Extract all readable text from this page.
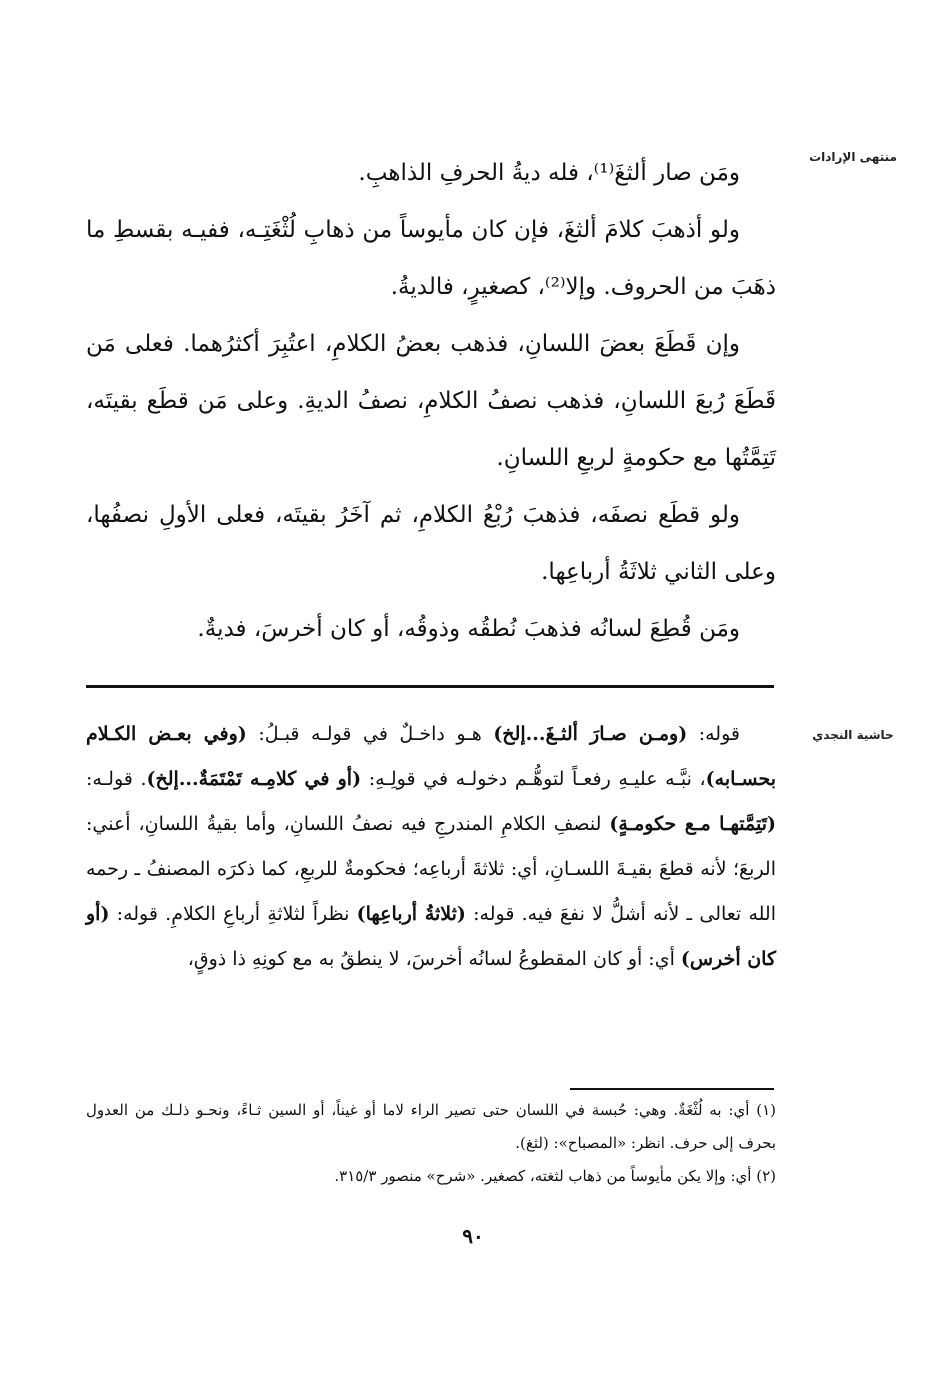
منتهى الإرادات
حاشية النجدي

ومَن صار ألثغَ⁽¹⁾، فله ديةُ الحرفِ الذاهبِ.

ولو أذهبَ كلامَ ألثغَ، فإن كان مأيوساً من ذهابِ لُثْغَتِـه، ففيـه بقسطِ ما ذهَبَ من الحروف. وإلا⁽²⁾، كصغيرٍ، فالديةُ.

وإن قَطَعَ بعضَ اللسانِ، فذهب بعضُ الكلامِ، اعتُبِرَ أكثرُهما. فعلى مَن قَطَعَ رُبعَ اللسانِ، فذهب نصفُ الكلامِ، نصفُ الديةِ. وعلى مَن قطَع بقيتَه، تَتِمَّتُها مع حكومةٍ لربعِ اللسانِ.

ولو قطَع نصفَه، فذهبَ رُبْعُ الكلامِ، ثم آخَرُ بقيتَه، فعلى الأولِ نصفُها، وعلى الثاني ثلاثَةُ أرباعِها.

ومَن قُطِعَ لسانُه فذهبَ نُطقُه وذوقُه، أو كان أخرسَ، فديةٌ.

قوله: (ومـن صـارَ ألثـغَ...إلخ) هـو داخـلٌ في قولـه قبـلُ: (وفي بعـض الكـلام بحسـابه)، نبَّـه عليـهِ رفعـاً لتوهُّـم دخولـه في قولِـهِ: (أو في كلامِـه تَمْتَمَةٌ...إلخ). قولـه: (تَتِمَّتهـا مـع حكومـةٍ) لنصفِ الكلامِ المندرجِ فيه نصفُ اللسانِ، وأما بقيةُ اللسانِ، أعني: الربعَ؛ لأنه قطعَ بقيـةَ اللسـانِ، أي: ثلاثةَ أرباعِه؛ فحكومةٌ للربعِ، كما ذكرَه المصنفُ ـ رحمه الله تعالى ـ لأنه أشلُّ لا نفعَ فيه. قوله: (ثلاثةُ أرباعِها) نظراً لثلاثةِ أرباعِ الكلامِ. قوله: (أو كان أخرس) أي: أو كان المقطوعُ لسانُه أخرسَ، لا ينطقُ به مع كونِهِ ذا ذوقٍ،

(١) أي: به لُثْغَةٌ. وهي: حُبسة في اللسان حتى تصير الراء لاما أو غيناً، أو السين ثـاءً، ونحـو ذلـك من العدول بحرف إلى حرف. انظر: «المصباح»: (لثغ).

(٢) أي: وإلا يكن مأيوساً من ذهاب لثغته، كصغير. «شرح» منصور ٣١٥/٣.

٩٠
